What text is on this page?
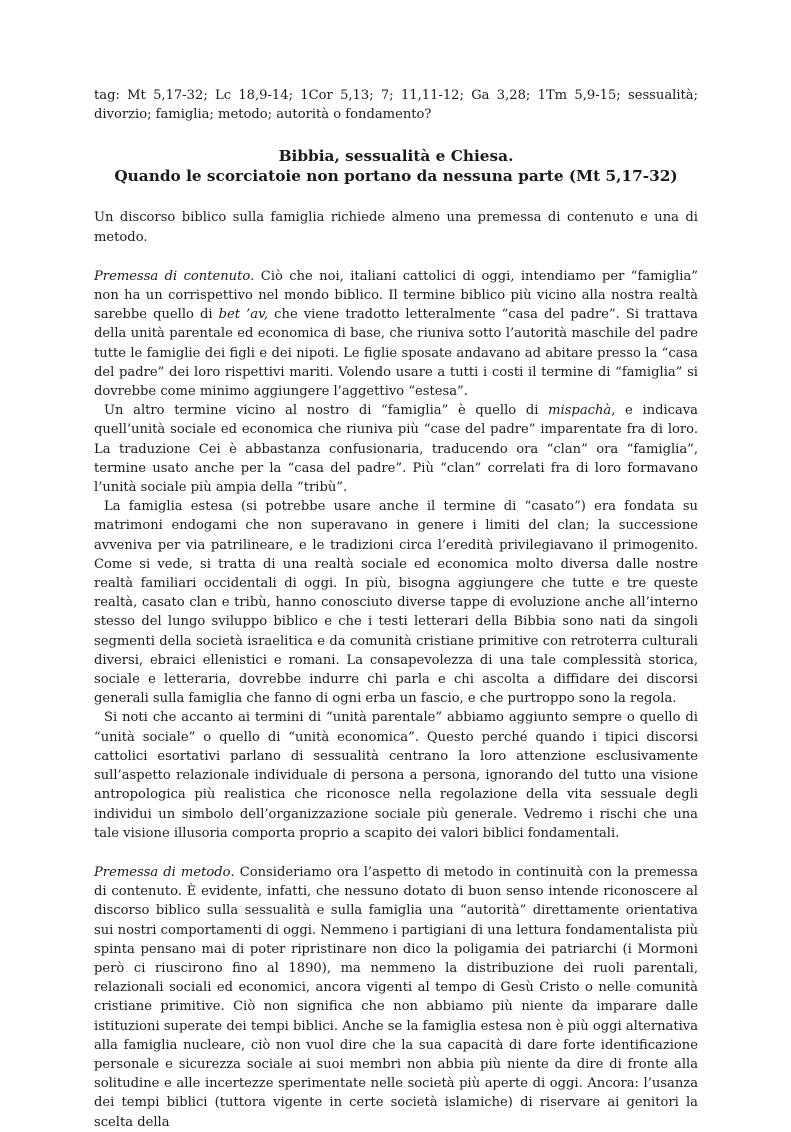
tag: Mt 5,17-32; Lc 18,9-14; 1Cor 5,13; 7; 11,11-12; Ga 3,28; 1Tm 5,9-15; sessualità; divorzio; famiglia; metodo; autorità o fondamento?

Bibbia, sessualità e Chiesa.
Quando le scorciatoie non portano da nessuna parte (Mt 5,17-32)

Un discorso biblico sulla famiglia richiede almeno una premessa di contenuto e una di metodo.

Premessa di contenuto. Ciò che noi, italiani cattolici di oggi, intendiamo per “famiglia” non ha un corrispettivo nel mondo biblico. Il termine biblico più vicino alla nostra realtà sarebbe quello di bet ’av, che viene tradotto letteralmente “casa del padre”. Si trattava della unità parentale ed economica di base, che riuniva sotto l’autorità maschile del padre tutte le famiglie dei figli e dei nipoti. Le figlie sposate andavano ad abitare presso la “casa del padre” dei loro rispettivi mariti. Volendo usare a tutti i costi il termine di “famiglia” si dovrebbe come minimo aggiungere l’aggettivo “estesa”.

Un altro termine vicino al nostro di “famiglia” è quello di mispachà, e indicava quell’unità sociale ed economica che riuniva più “case del padre” imparentate fra di loro. La traduzione Cei è abbastanza confusionaria, traducendo ora “clan” ora “famiglia”, termine usato anche per la “casa del padre”. Più “clan” correlati fra di loro formavano l’unità sociale più ampia della “tribù”.

La famiglia estesa (si potrebbe usare anche il termine di “casato”) era fondata su matrimoni endogami che non superavano in genere i limiti del clan; la successione avveniva per via patrilineare, e le tradizioni circa l’eredità privilegiavano il primogenito. Come si vede, si tratta di una realtà sociale ed economica molto diversa dalle nostre realtà familiari occidentali di oggi. In più, bisogna aggiungere che tutte e tre queste realtà, casato clan e tribù, hanno conosciuto diverse tappe di evoluzione anche all’interno stesso del lungo sviluppo biblico e che i testi letterari della Bibbia sono nati da singoli segmenti della società israelitica e da comunità cristiane primitive con retroterra culturali diversi, ebraici ellenistici e romani. La consapevolezza di una tale complessità storica, sociale e letteraria, dovrebbe indurre chi parla e chi ascolta a diffidare dei discorsi generali sulla famiglia che fanno di ogni erba un fascio, e che purtroppo sono la regola.

Si noti che accanto ai termini di “unità parentale” abbiamo aggiunto sempre o quello di “unità sociale” o quello di “unità economica”. Questo perché quando i tipici discorsi cattolici esortativi parlano di sessualità centrano la loro attenzione esclusivamente sull’aspetto relazionale individuale di persona a persona, ignorando del tutto una visione antropologica più realistica che riconosce nella regolazione della vita sessuale degli individui un simbolo dell’organizzazione sociale più generale. Vedremo i rischi che una tale visione illusoria comporta proprio a scapito dei valori biblici fondamentali.

Premessa di metodo. Consideriamo ora l’aspetto di metodo in continuità con la premessa di contenuto. È evidente, infatti, che nessuno dotato di buon senso intende riconoscere al discorso biblico sulla sessualità e sulla famiglia una “autorità” direttamente orientativa sui nostri comportamenti di oggi. Nemmeno i partigiani di una lettura fondamentalista più spinta pensano mai di poter ripristinare non dico la poligamia dei patriarchi (i Mormoni però ci riuscirono fino al 1890), ma nemmeno la distribuzione dei ruoli parentali, relazionali sociali ed economici, ancora vigenti al tempo di Gesù Cristo o nelle comunità cristiane primitive. Ciò non significa che non abbiamo più niente da imparare dalle istituzioni superate dei tempi biblici. Anche se la famiglia estesa non è più oggi alternativa alla famiglia nucleare, ciò non vuol dire che la sua capacità di dare forte identificazione personale e sicurezza sociale ai suoi membri non abbia più niente da dire di fronte alla solitudine e alle incertezze sperimentate nelle società più aperte di oggi. Ancora: l’usanza dei tempi biblici (tuttora vigente in certe società islamiche) di riservare ai genitori la scelta della
